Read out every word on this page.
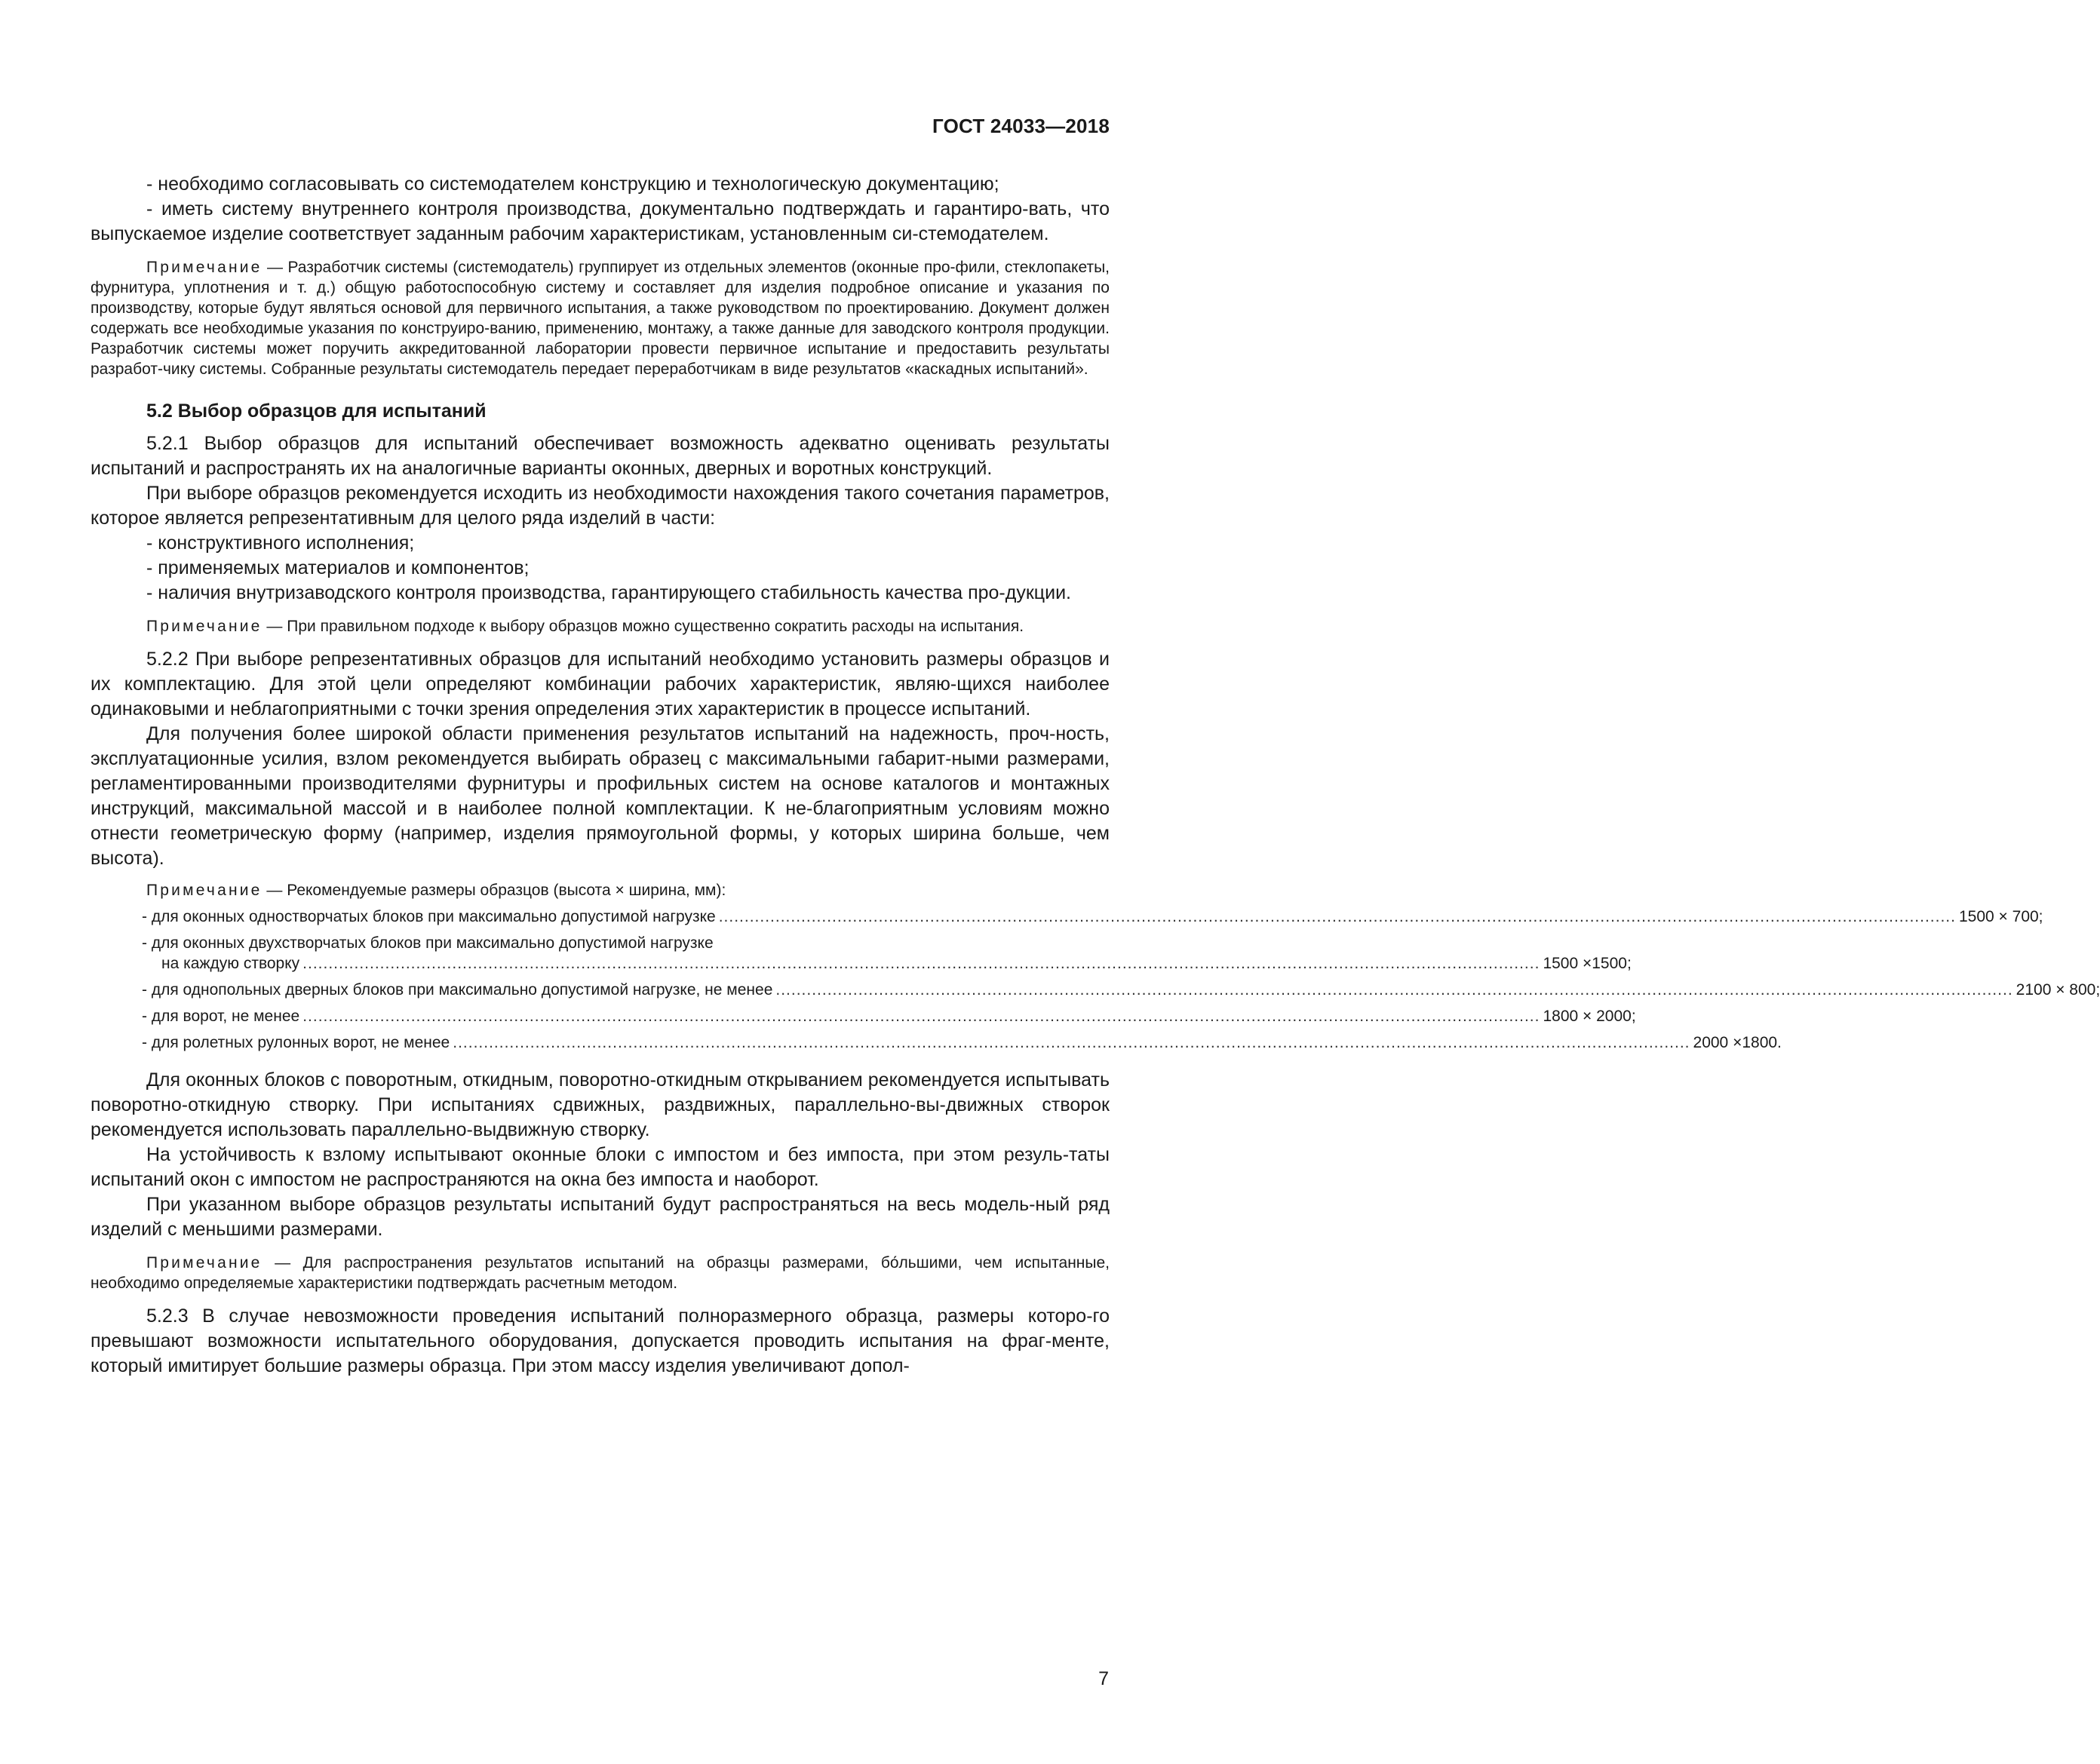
ГОСТ 24033—2018

- необходимо согласовывать со системодателем конструкцию и технологическую документацию;

- иметь систему внутреннего контроля производства, документально подтверждать и гарантиро-вать, что выпускаемое изделие соответствует заданным рабочим характеристикам, установленным си-стемодателем.

Примечание — Разработчик системы (системодатель) группирует из отдельных элементов (оконные про-фили, стеклопакеты, фурнитура, уплотнения и т. д.) общую работоспособную систему и составляет для изделия подробное описание и указания по производству, которые будут являться основой для первичного испытания, а также руководством по проектированию. Документ должен содержать все необходимые указания по конструиро-ванию, применению, монтажу, а также данные для заводского контроля продукции. Разработчик системы может поручить аккредитованной лаборатории провести первичное испытание и предоставить результаты разработ-чику системы. Собранные результаты системодатель передает переработчикам в виде результатов «каскадных испытаний».

5.2 Выбор образцов для испытаний

5.2.1 Выбор образцов для испытаний обеспечивает возможность адекватно оценивать результаты испытаний и распространять их на аналогичные варианты оконных, дверных и воротных конструкций.

При выборе образцов рекомендуется исходить из необходимости нахождения такого сочетания параметров, которое является репрезентативным для целого ряда изделий в части:

- конструктивного исполнения;

- применяемых материалов и компонентов;

- наличия внутризаводского контроля производства, гарантирующего стабильность качества про-дукции.

Примечание — При правильном подходе к выбору образцов можно существенно сократить расходы на испытания.

5.2.2 При выборе репрезентативных образцов для испытаний необходимо установить размеры образцов и их комплектацию. Для этой цели определяют комбинации рабочих характеристик, являю-щихся наиболее одинаковыми и неблагоприятными с точки зрения определения этих характеристик в процессе испытаний.

Для получения более широкой области применения результатов испытаний на надежность, проч-ность, эксплуатационные усилия, взлом рекомендуется выбирать образец с максимальными габарит-ными размерами, регламентированными производителями фурнитуры и профильных систем на основе каталогов и монтажных инструкций, максимальной массой и в наиболее полной комплектации. К не-благоприятным условиям можно отнести геометрическую форму (например, изделия прямоугольной формы, у которых ширина больше, чем высота).

Примечание — Рекомендуемые размеры образцов (высота × ширина, мм):

- для оконных одностворчатых блоков при максимально допустимой нагрузке ................................................................................................................................................................................................................................................ 1500 × 700;
- для оконных двухстворчатых блоков при максимально допустимой нагрузке
на каждую створку ................................................................................................................................................................................................................................................ 1500 ×1500;
- для однопольных дверных блоков при максимально допустимой нагрузке, не менее ................................................................................................................................................................................................................................................ 2100 × 800;
- для ворот, не менее ................................................................................................................................................................................................................................................ 1800 × 2000;
- для ролетных рулонных ворот, не менее ................................................................................................................................................................................................................................................ 2000 ×1800.

Для оконных блоков с поворотным, откидным, поворотно-откидным открыванием рекомендуется испытывать поворотно-откидную створку. При испытаниях сдвижных, раздвижных, параллельно-вы-движных створок рекомендуется использовать параллельно-выдвижную створку.

На устойчивость к взлому испытывают оконные блоки с импостом и без импоста, при этом резуль-таты испытаний окон с импостом не распространяются на окна без импоста и наоборот.

При указанном выборе образцов результаты испытаний будут распространяться на весь модель-ный ряд изделий с меньшими размерами.

Примечание — Для распространения результатов испытаний на образцы размерами, бо́льшими, чем испытанные, необходимо определяемые характеристики подтверждать расчетным методом.

5.2.3 В случае невозможности проведения испытаний полноразмерного образца, размеры которо-го превышают возможности испытательного оборудования, допускается проводить испытания на фраг-менте, который имитирует большие размеры образца. При этом массу изделия увеличивают допол-

7
